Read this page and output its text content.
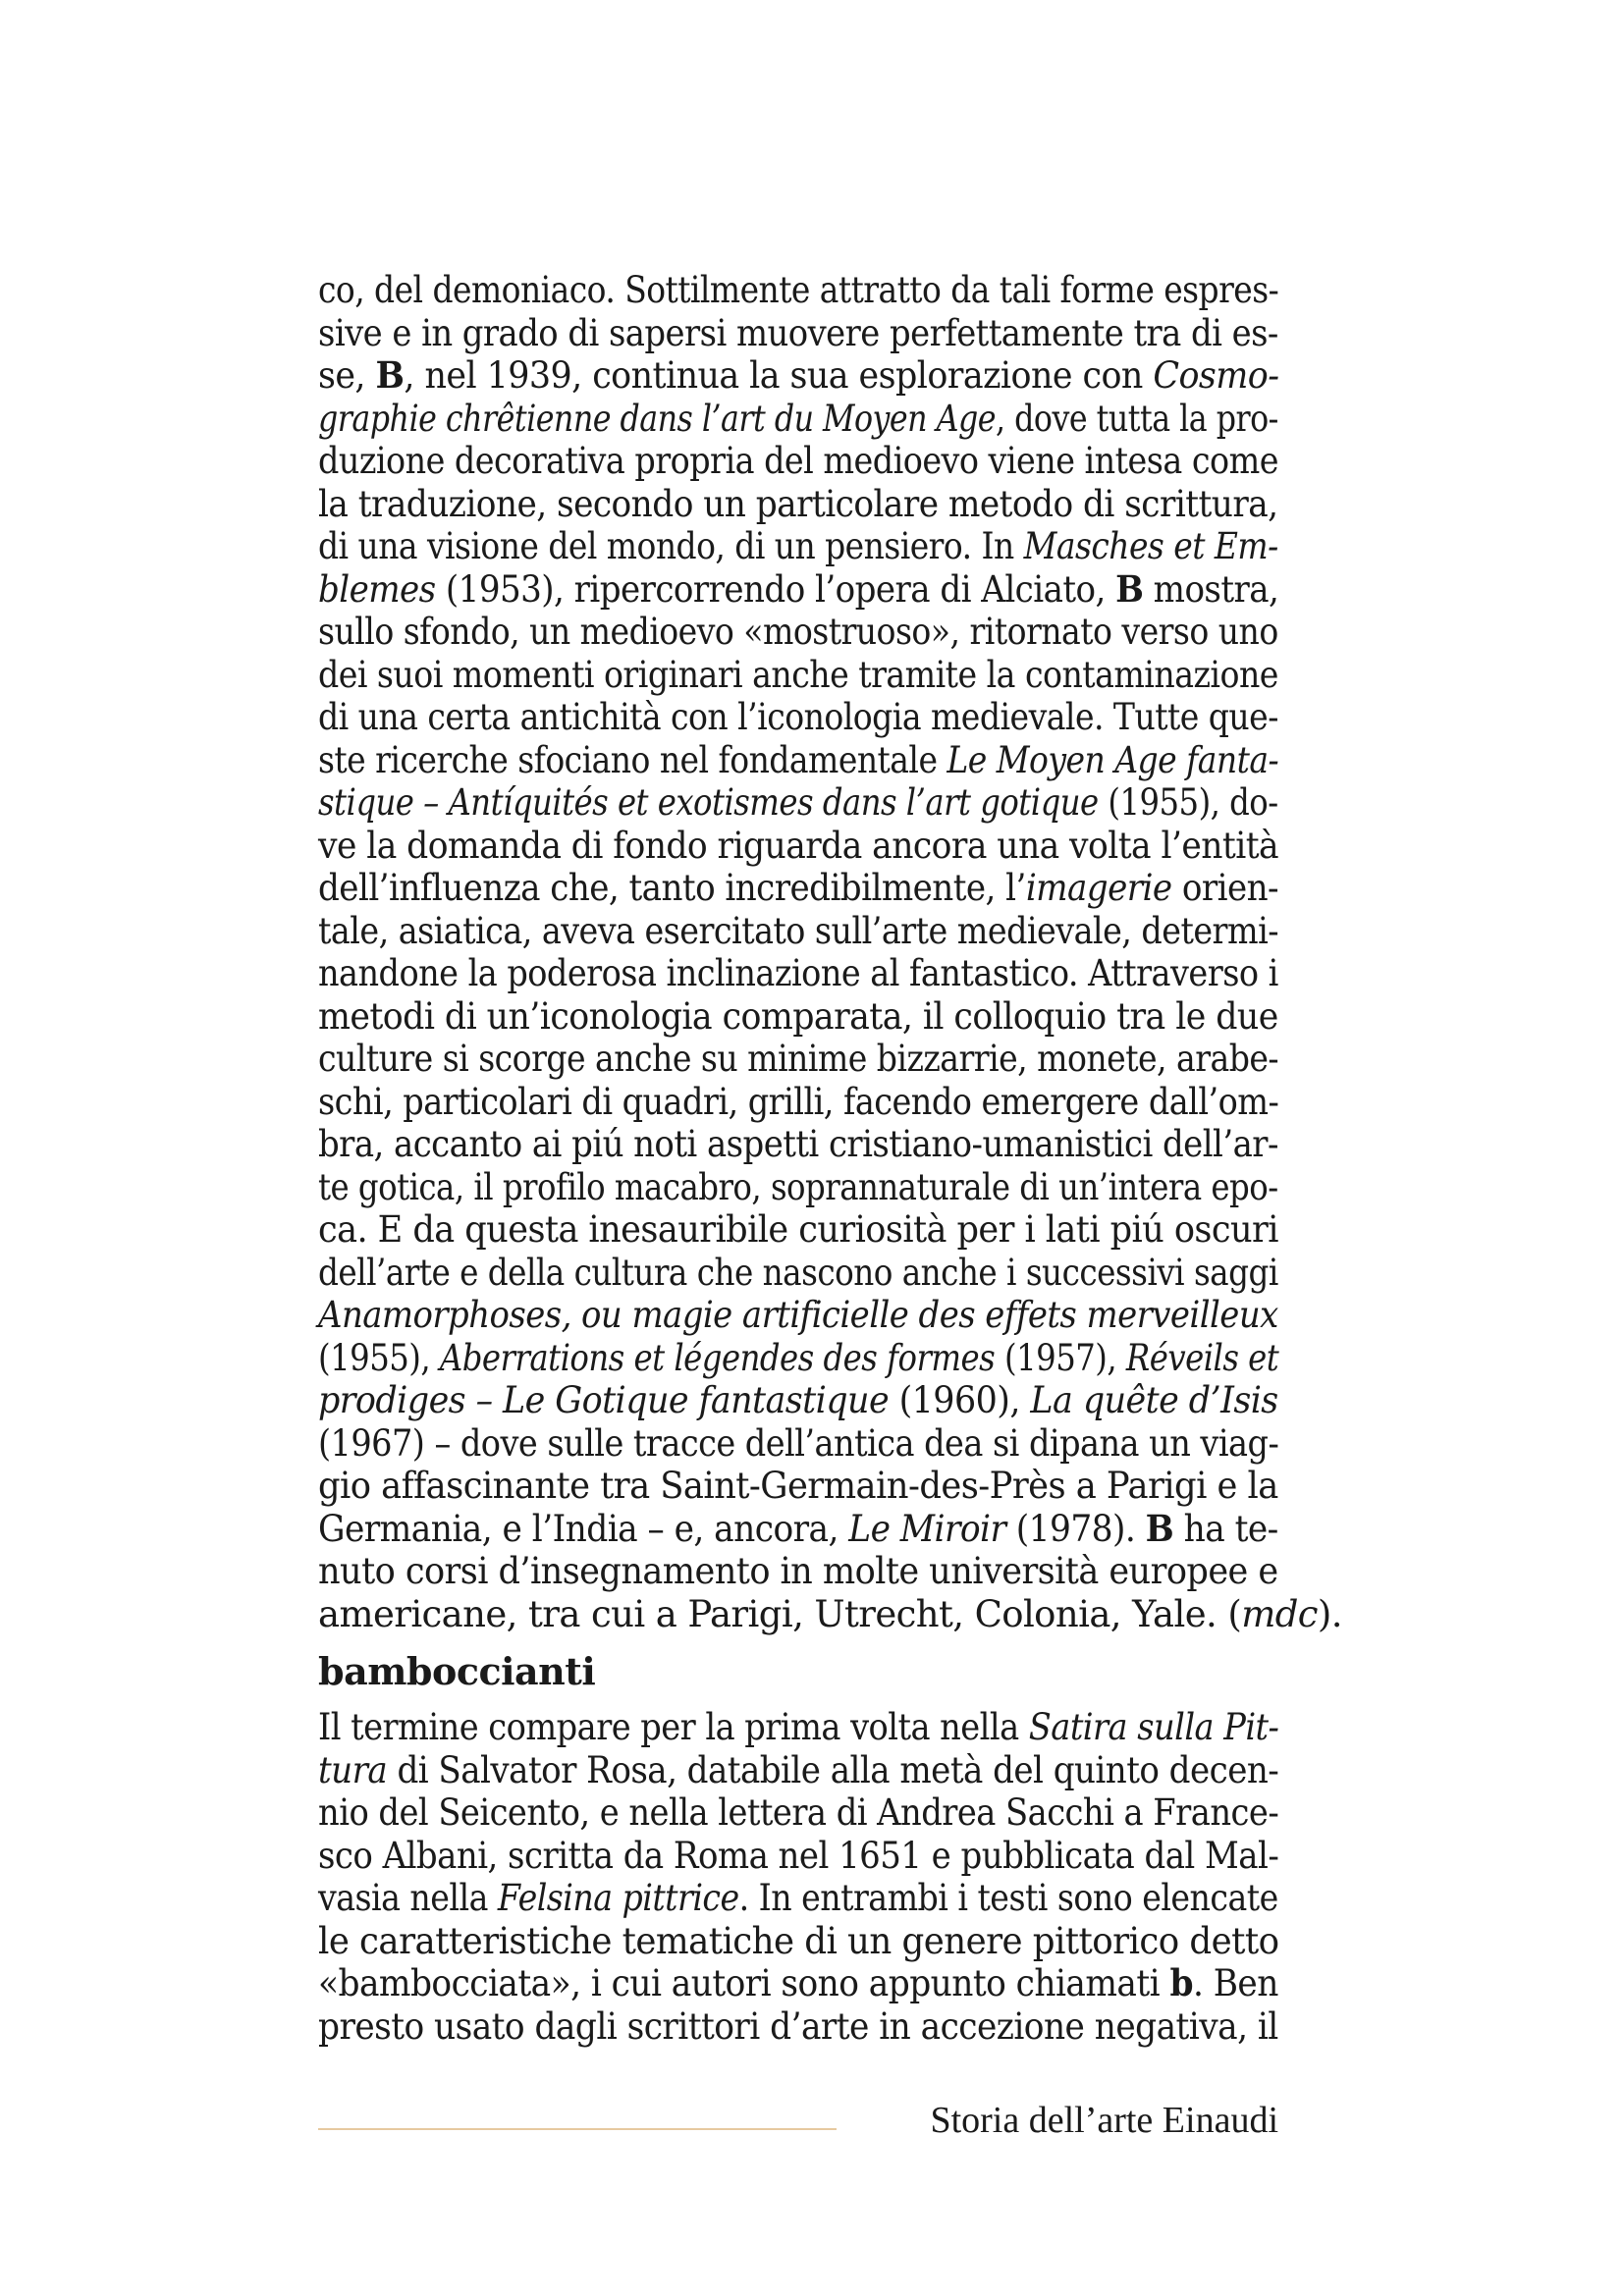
co, del demoniaco. Sottilmente attratto da tali forme espres-
sive e in grado di sapersi muovere perfettamente tra di es-
se, B, nel 1939, continua la sua esplorazione con Cosmo-
graphie chrêtienne dans l’art du Moyen Age, dove tutta la pro-
duzione decorativa propria del medioevo viene intesa come
la traduzione, secondo un particolare metodo di scrittura,
di una visione del mondo, di un pensiero. In Masches et Em-
blemes (1953), ripercorrendo l’opera di Alciato, B mostra,
sullo sfondo, un medioevo «mostruoso», ritornato verso uno
dei suoi momenti originari anche tramite la contaminazione
di una certa antichità con l’iconologia medievale. Tutte que-
ste ricerche sfociano nel fondamentale Le Moyen Age fanta-
stique – Antíquités et exotismes dans l’art gotique (1955), do-
ve la domanda di fondo riguarda ancora una volta l’entità
dell’influenza che, tanto incredibilmente, l’imagerie orien-
tale, asiatica, aveva esercitato sull’arte medievale, determi-
nandone la poderosa inclinazione al fantastico. Attraverso i
metodi di un’iconologia comparata, il colloquio tra le due
culture si scorge anche su minime bizzarrie, monete, arabe-
schi, particolari di quadri, grilli, facendo emergere dall’om-
bra, accanto ai piú noti aspetti cristiano-umanistici dell’ar-
te gotica, il profilo macabro, soprannaturale di un’intera epo-
ca. E da questa inesauribile curiosità per i lati piú oscuri
dell’arte e della cultura che nascono anche i successivi saggi
Anamorphoses, ou magie artificielle des effets merveilleux
(1955), Aberrations et légendes des formes (1957), Réveils et
prodiges – Le Gotique fantastique (1960), La quête d’Isis
(1967) – dove sulle tracce dell’antica dea si dipana un viag-
gio affascinante tra Saint-Germain-des-Près a Parigi e la
Germania, e l’India – e, ancora, Le Miroir (1978). B ha te-
nuto corsi d’insegnamento in molte università europee e
americane, tra cui a Parigi, Utrecht, Colonia, Yale. (mdc).
bamboccianti
Il termine compare per la prima volta nella Satira sulla Pit-
tura di Salvator Rosa, databile alla metà del quinto decen-
nio del Seicento, e nella lettera di Andrea Sacchi a France-
sco Albani, scritta da Roma nel 1651 e pubblicata dal Mal-
vasia nella Felsina pittrice. In entrambi i testi sono elencate
le caratteristiche tematiche di un genere pittorico detto
«bambocciata», i cui autori sono appunto chiamati b. Ben
presto usato dagli scrittori d’arte in accezione negativa, il
Storia dell’arte Einaudi
